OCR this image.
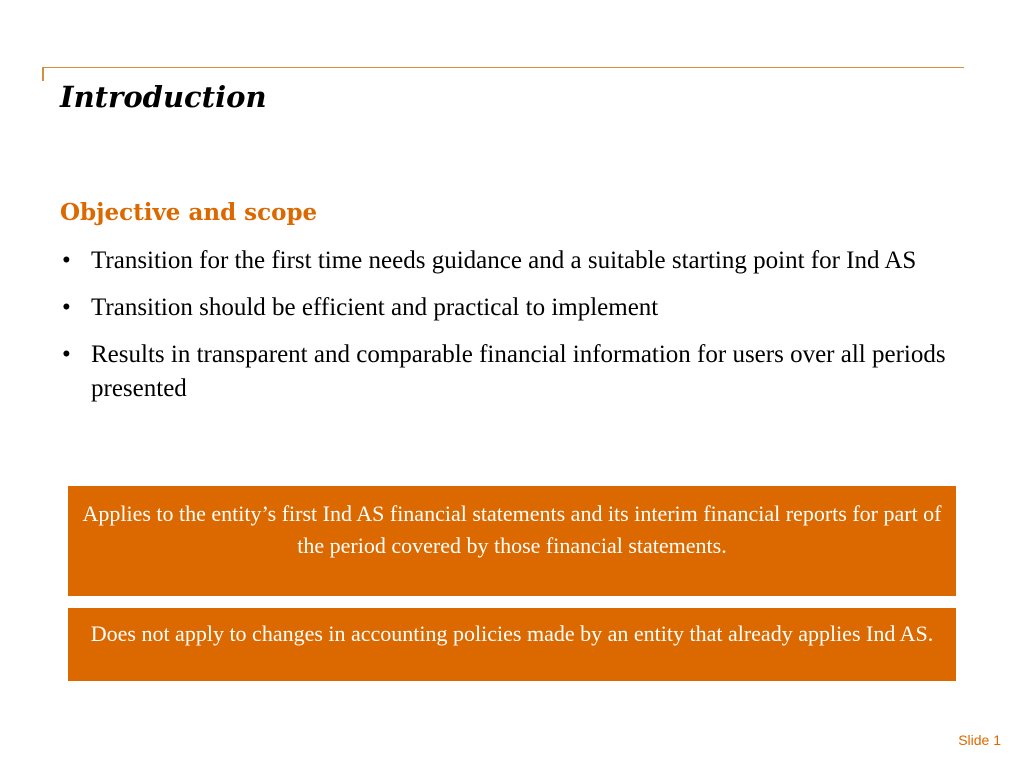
Introduction
Objective and scope
• Transition for the first time needs guidance and a suitable starting point for Ind AS
• Transition should be efficient and practical to implement
• Results in transparent and comparable financial information for users over all periods presented
Applies to the entity’s first Ind AS financial statements and its interim financial reports for part of the period covered by those financial statements.
Does not apply to changes in accounting policies made by an entity that already applies Ind AS.
Slide 1
